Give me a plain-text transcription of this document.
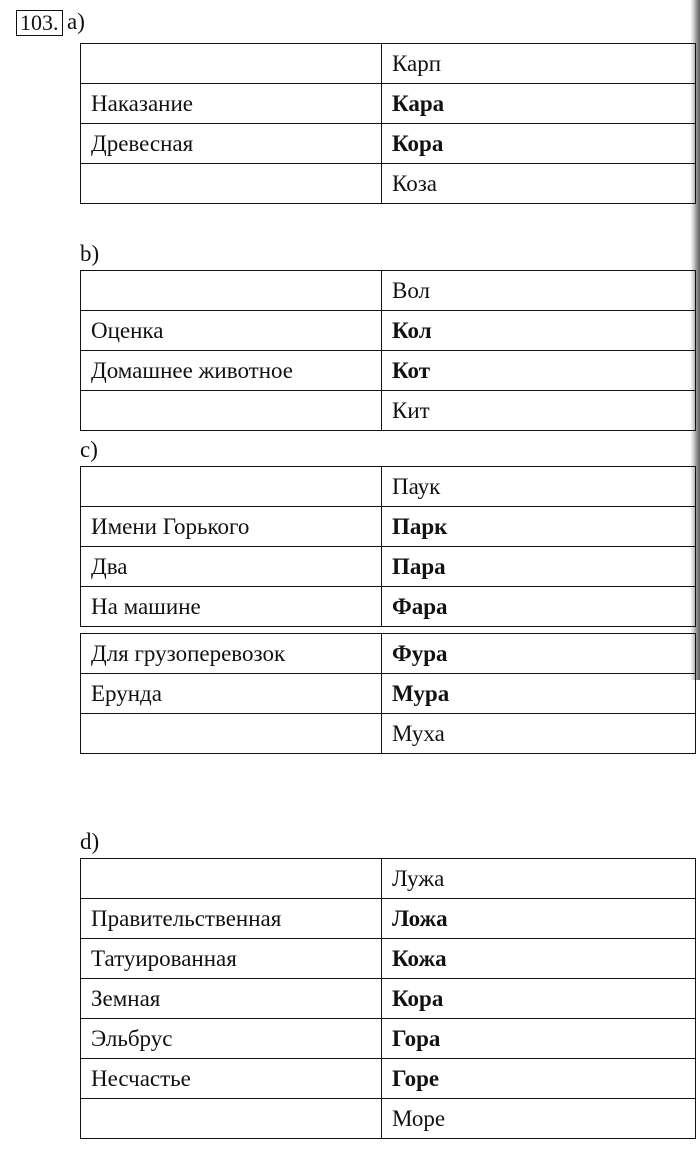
103. a)
	Карп
Наказание	Кара
Древесная	Кора
	Коза
b)
	Вол
Оценка	Кол
Домашнее животное	Кот
	Кит
c)
	Паук
Имени Горького	Парк
Два	Пара
На машине	Фара
Для грузоперевозок	Фура
Ерунда	Мура
	Муха
d)
	Лужа
Правительственная	Ложа
Татуированная	Кожа
Земная	Кора
Эльбрус	Гора
Несчастье	Горе
	Море
